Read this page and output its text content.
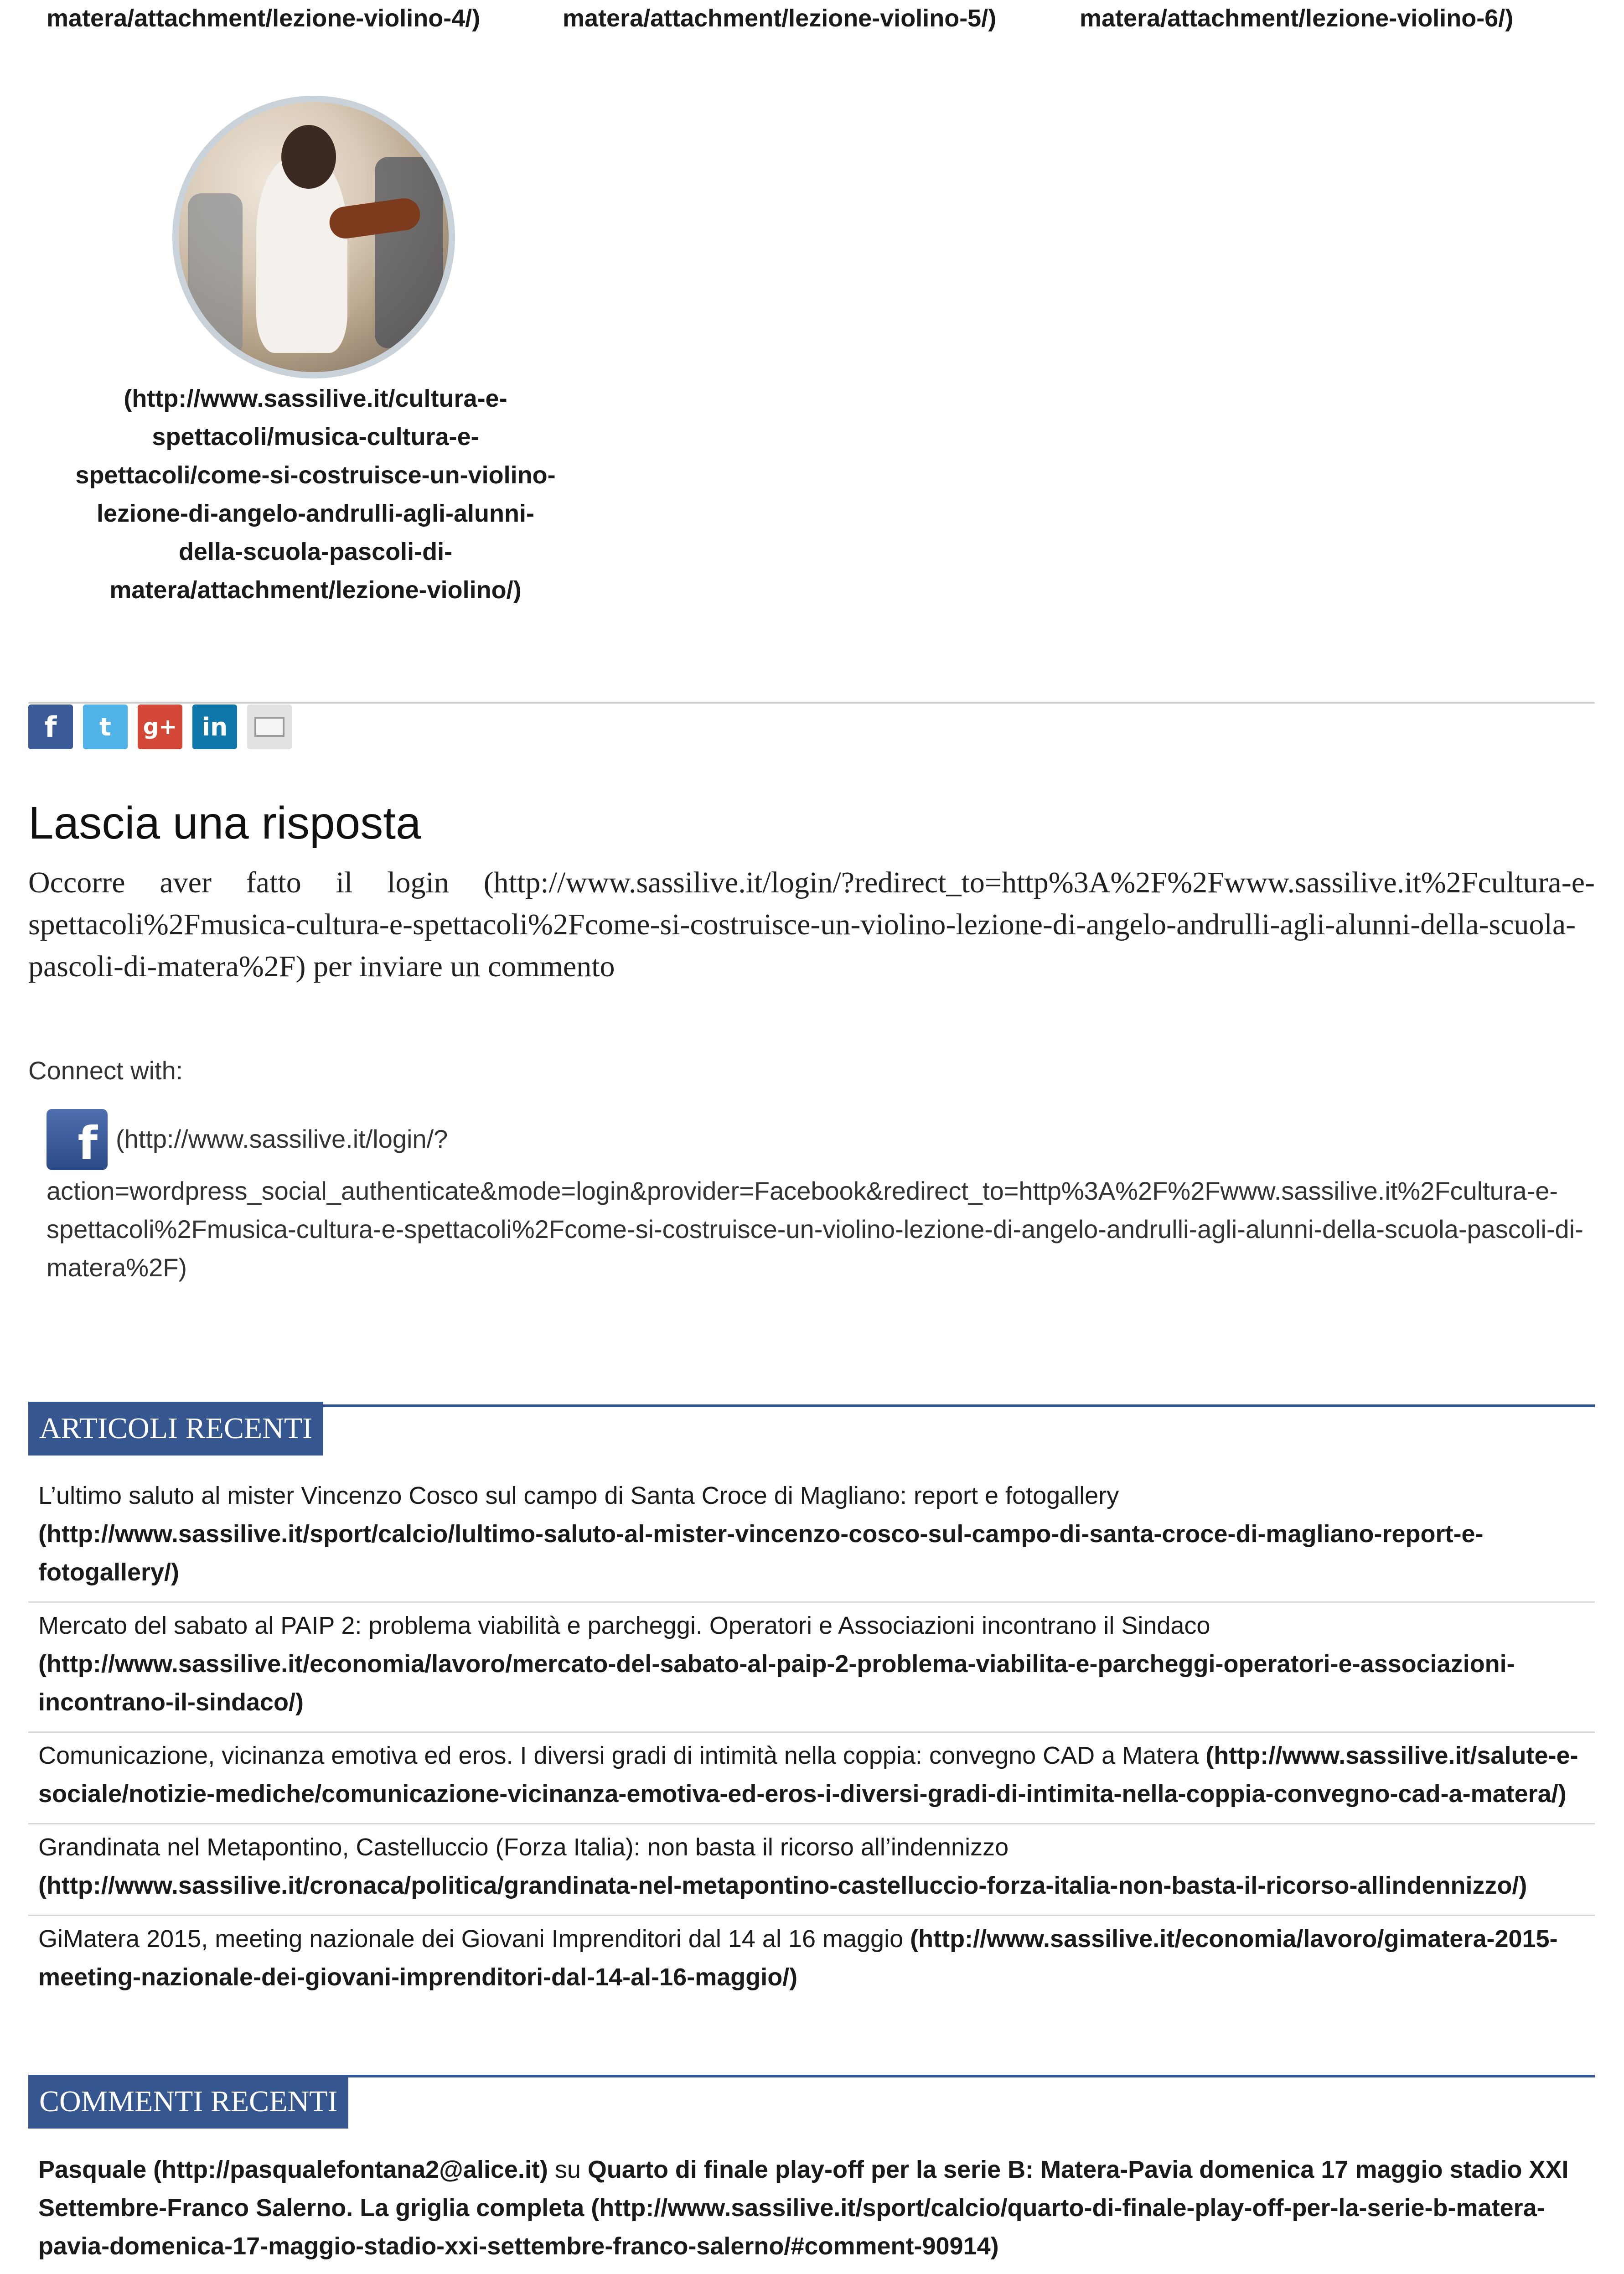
matera/attachment/lezione-violino-4/)	matera/attachment/lezione-violino-5/)	matera/attachment/lezione-violino-6/)
(http://www.sassilive.it/cultura-e-spettacoli/musica-cultura-e-spettacoli/come-si-costruisce-un-violino-lezione-di-angelo-andrulli-agli-alunni-della-scuola-pascoli-di-matera/attachment/lezione-violino/)
f	t	g+	in
Lascia una risposta
Occorre aver fatto il login (http://www.sassilive.it/login/?redirect_to=http%3A%2F%2Fwww.sassilive.it%2Fcultura-e-spettacoli%2Fmusica-cultura-e-spettacoli%2Fcome-si-costruisce-un-violino-lezione-di-angelo-andrulli-agli-alunni-della-scuola-pascoli-di-matera%2F) per inviare un commento
Connect with:
f (http://www.sassilive.it/login/?
action=wordpress_social_authenticate&mode=login&provider=Facebook&redirect_to=http%3A%2F%2Fwww.sassilive.it%2Fcultura-e-spettacoli%2Fmusica-cultura-e-spettacoli%2Fcome-si-costruisce-un-violino-lezione-di-angelo-andrulli-agli-alunni-della-scuola-pascoli-di-matera%2F)
ARTICOLI RECENTI
L’ultimo saluto al mister Vincenzo Cosco sul campo di Santa Croce di Magliano: report e fotogallery (http://www.sassilive.it/sport/calcio/lultimo-saluto-al-mister-vincenzo-cosco-sul-campo-di-santa-croce-di-magliano-report-e-fotogallery/)
Mercato del sabato al PAIP 2: problema viabilità e parcheggi. Operatori e Associazioni incontrano il Sindaco (http://www.sassilive.it/economia/lavoro/mercato-del-sabato-al-paip-2-problema-viabilita-e-parcheggi-operatori-e-associazioni-incontrano-il-sindaco/)
Comunicazione, vicinanza emotiva ed eros. I diversi gradi di intimità nella coppia: convegno CAD a Matera (http://www.sassilive.it/salute-e-sociale/notizie-mediche/comunicazione-vicinanza-emotiva-ed-eros-i-diversi-gradi-di-intimita-nella-coppia-convegno-cad-a-matera/)
Grandinata nel Metapontino, Castelluccio (Forza Italia): non basta il ricorso all’indennizzo (http://www.sassilive.it/cronaca/politica/grandinata-nel-metapontino-castelluccio-forza-italia-non-basta-il-ricorso-allindennizzo/)
GiMatera 2015, meeting nazionale dei Giovani Imprenditori dal 14 al 16 maggio (http://www.sassilive.it/economia/lavoro/gimatera-2015-meeting-nazionale-dei-giovani-imprenditori-dal-14-al-16-maggio/)
COMMENTI RECENTI
Pasquale (http://pasqualefontana2@alice.it) su Quarto di finale play-off per la serie B: Matera-Pavia domenica 17 maggio stadio XXI Settembre-Franco Salerno. La griglia completa (http://www.sassilive.it/sport/calcio/quarto-di-finale-play-off-per-la-serie-b-matera-pavia-domenica-17-maggio-stadio-xxi-settembre-franco-salerno/#comment-90914)
